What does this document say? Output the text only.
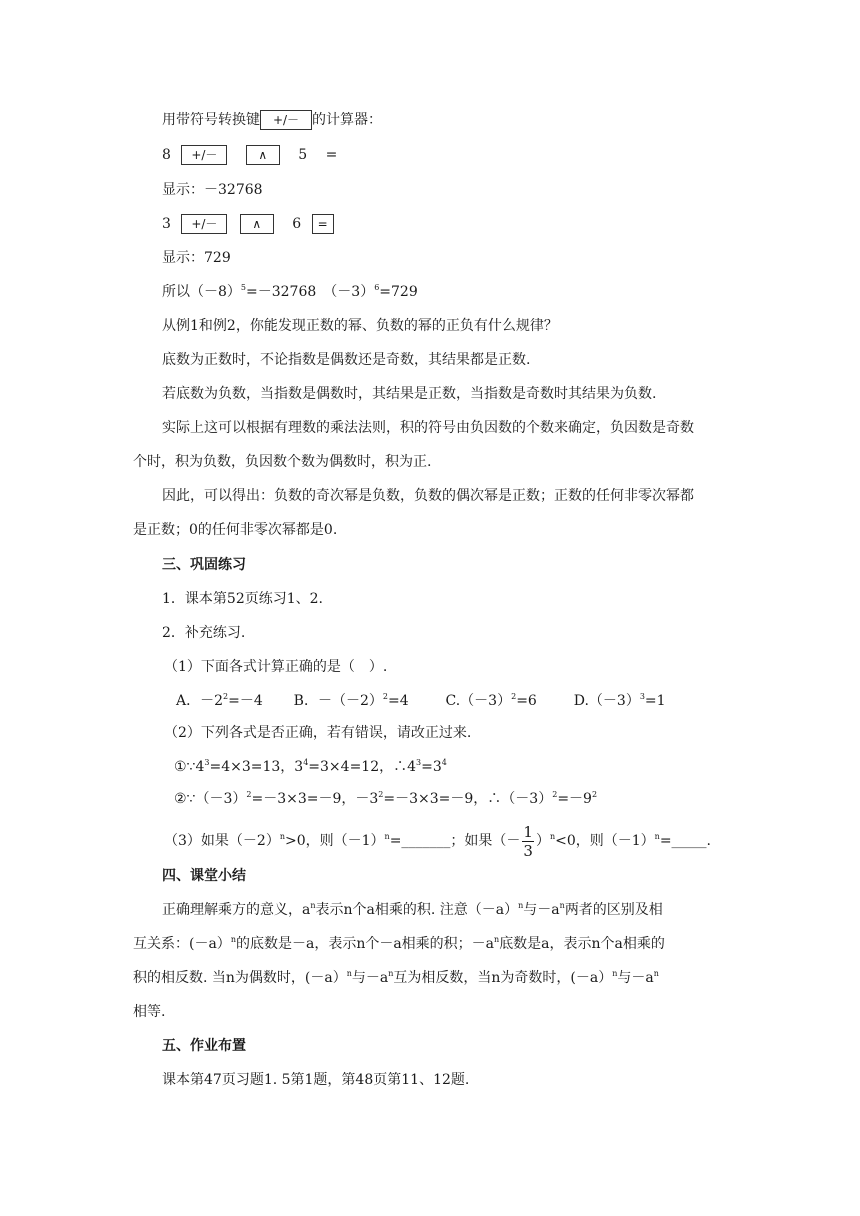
用带符号转换键 +/－ 的计算器：
8 +/－	∧ 5 =
显示：－32768
3 +/－	∧ 6 =
显示：729
所以$(-8)^5=-32768$　$(-3)^6=729$
从例1和例2，你能发现正数的幂、负数的幂的正负有什么规律？
底数为正数时，不论指数是偶数还是奇数，其结果都是正数.
若底数为负数，当指数是偶数时，其结果是正数，当指数是奇数时其结果为负数.
实际上这可以根据有理数的乘法法则，积的符号由负因数的个数来确定，负因数是奇数
个时，积为负数，负因数个数为偶数时，积为正.
因此，可以得出：负数的奇次幂是负数，负数的偶次幂是正数；正数的任何非零次幂都
是正数；0的任何非零次幂都是0.
三、巩固练习
1．课本第52页练习1、2.
2．补充练习.
（1）下面各式计算正确的是（　）.
A．$-2^2=-4$ B．$-(-2)^2=4$	$C.(-3)^2=6$	$D.(-3)^3=1$
（2）下列各式是否正确，若有错误，请改正过来.
$①\because 4^3=4\times 3=13$，$3^4=3\times 4=12$，$\therefore 4^3=3^4$
$②\because(-3)^2=-3\times 3=-9$，$-3^2=-3\times 3=-9$，$\therefore(-3)^2=-9^2$
（3）如果$(-2)^n>0$，则$(-1)^n=\_\_\_\_\_\_\_$；如果（－ $\frac{1}{3} )^n<0$，则$(-1)^n=\_\_\_\_\_$.
四、课堂小结
正确理解乘方的意义，$a^n$表示n个a相乘的积. 注意$(-a)^n$与$-a^n$两者的区别及相
互关系：(－a）$^n$的底数是－a，表示n个－a相乘的积；$-a^n$底数是a，表示n个a相乘的
积的相反数. 当n为偶数时，(－a）$^n$与$-a^n$互为相反数，当n为奇数时，(－a）$^n$与$-a^n$
相等.
五、作业布置
课本第47页习题1. 5第1题，第48页第11、12题.
